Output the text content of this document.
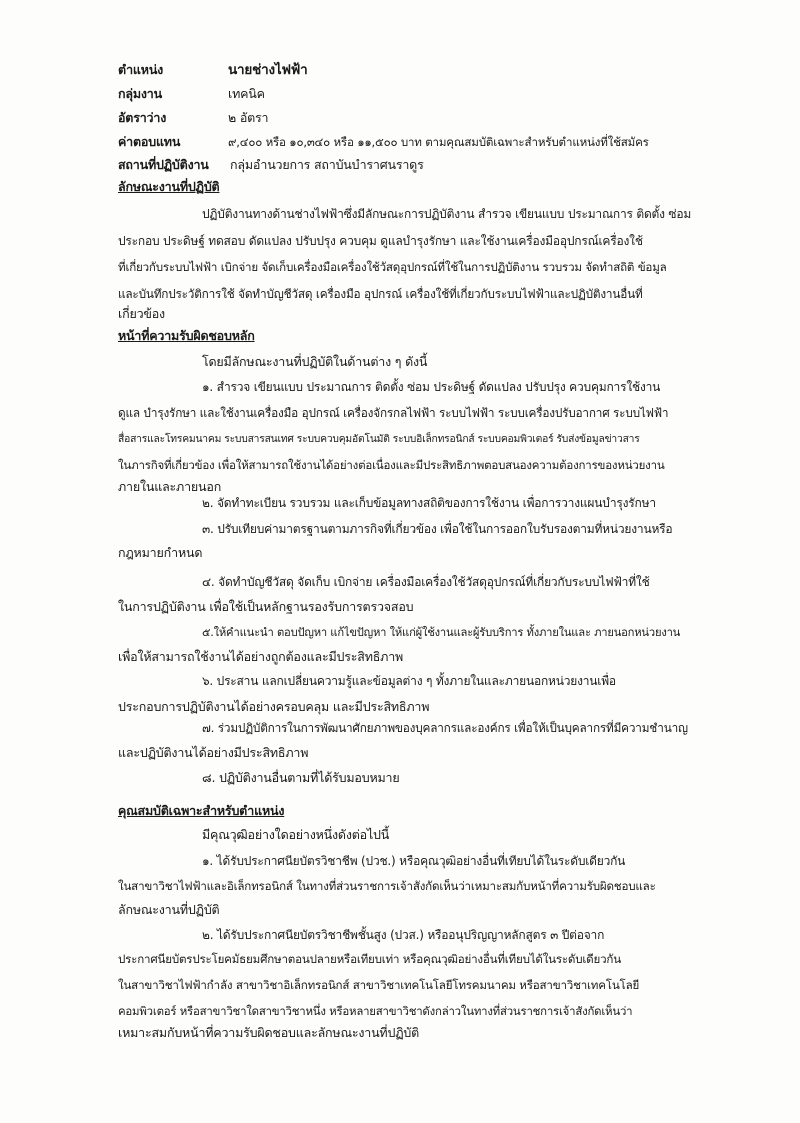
ตำแหน่ง	นายช่างไฟฟ้า
กลุ่มงาน	เทคนิค
อัตราว่าง	๒ อัตรา
ค่าตอบแทน	๙,๔๐๐ หรือ ๑๐,๓๔๐ หรือ ๑๑,๕๐๐ บาท ตามคุณสมบัติเฉพาะสำหรับตำแหน่งที่ใช้สมัคร
สถานที่ปฏิบัติงาน กลุ่มอำนวยการ สถาบันบำราศนราดูร
ลักษณะงานที่ปฏิบัติ
ปฏิบัติงานทางด้านช่างไฟฟ้าซึ่งมีลักษณะการปฏิบัติงาน สำรวจ เขียนแบบ ประมาณการ ติดตั้ง ซ่อม
ประกอบ ประดิษฐ์ ทดสอบ ดัดแปลง ปรับปรุง ควบคุม ดูแลบำรุงรักษา และใช้งานเครื่องมืออุปกรณ์เครื่องใช้
ที่เกี่ยวกับระบบไฟฟ้า เบิกจ่าย จัดเก็บเครื่องมือเครื่องใช้วัสดุอุปกรณ์ที่ใช้ในการปฏิบัติงาน รวบรวม จัดทำสถิติ ข้อมูล
และบันทึกประวัติการใช้ จัดทำบัญชีวัสดุ เครื่องมือ อุปกรณ์ เครื่องใช้ที่เกี่ยวกับระบบไฟฟ้าและปฏิบัติงานอื่นที่
เกี่ยวข้อง
หน้าที่ความรับผิดชอบหลัก
โดยมีลักษณะงานที่ปฏิบัติในด้านต่าง ๆ ดังนี้
๑. สำรวจ เขียนแบบ ประมาณการ ติดตั้ง ซ่อม ประดิษฐ์ ดัดแปลง ปรับปรุง ควบคุมการใช้งาน
ดูแล บำรุงรักษา และใช้งานเครื่องมือ อุปกรณ์ เครื่องจักรกลไฟฟ้า ระบบไฟฟ้า ระบบเครื่องปรับอากาศ ระบบไฟฟ้า
สื่อสารและโทรคมนาคม ระบบสารสนเทศ ระบบควบคุมอัตโนมัติ ระบบอิเล็กทรอนิกส์ ระบบคอมพิวเตอร์ รับส่งข้อมูลข่าวสาร
ในภารกิจที่เกี่ยวข้อง เพื่อให้สามารถใช้งานได้อย่างต่อเนื่องและมีประสิทธิภาพตอบสนองความต้องการของหน่วยงาน
ภายในและภายนอก
๒. จัดทำทะเบียน รวบรวม และเก็บข้อมูลทางสถิติของการใช้งาน เพื่อการวางแผนบำรุงรักษา
๓. ปรับเทียบค่ามาตรฐานตามภารกิจที่เกี่ยวข้อง เพื่อใช้ในการออกใบรับรองตามที่หน่วยงานหรือ
กฎหมายกำหนด
๔. จัดทำบัญชีวัสดุ จัดเก็บ เบิกจ่าย เครื่องมือเครื่องใช้วัสดุอุปกรณ์ที่เกี่ยวกับระบบไฟฟ้าที่ใช้
ในการปฏิบัติงาน เพื่อใช้เป็นหลักฐานรองรับการตรวจสอบ
๕.ให้คำแนะนำ ตอบปัญหา แก้ไขปัญหา ให้แก่ผู้ใช้งานและผู้รับบริการ ทั้งภายในและ ภายนอกหน่วยงาน
เพื่อให้สามารถใช้งานได้อย่างถูกต้องและมีประสิทธิภาพ
๖. ประสาน แลกเปลี่ยนความรู้และข้อมูลต่าง ๆ ทั้งภายในและภายนอกหน่วยงานเพื่อ
ประกอบการปฏิบัติงานได้อย่างครอบคลุม และมีประสิทธิภาพ
๗. ร่วมปฏิบัติการในการพัฒนาศักยภาพของบุคลากรและองค์กร เพื่อให้เป็นบุคลากรที่มีความชำนาญ
และปฏิบัติงานได้อย่างมีประสิทธิภาพ
๘. ปฏิบัติงานอื่นตามที่ได้รับมอบหมาย
คุณสมบัติเฉพาะสำหรับตำแหน่ง
มีคุณวุฒิอย่างใดอย่างหนึ่งดังต่อไปนี้
๑. ได้รับประกาศนียบัตรวิชาชีพ (ปวช.) หรือคุณวุฒิอย่างอื่นที่เทียบได้ในระดับเดียวกัน
ในสาขาวิชาไฟฟ้าและอิเล็กทรอนิกส์ ในทางที่ส่วนราชการเจ้าสังกัดเห็นว่าเหมาะสมกับหน้าที่ความรับผิดชอบและ
ลักษณะงานที่ปฏิบัติ
๒. ได้รับประกาศนียบัตรวิชาชีพชั้นสูง (ปวส.) หรืออนุปริญญาหลักสูตร ๓ ปีต่อจาก
ประกาศนียบัตรประโยคมัธยมศึกษาตอนปลายหรือเทียบเท่า หรือคุณวุฒิอย่างอื่นที่เทียบได้ในระดับเดียวกัน
ในสาขาวิชาไฟฟ้ากำลัง สาขาวิชาอิเล็กทรอนิกส์ สาขาวิชาเทคโนโลยีโทรคมนาคม หรือสาขาวิชาเทคโนโลยี
คอมพิวเตอร์ หรือสาขาวิชาใดสาขาวิชาหนึ่ง หรือหลายสาขาวิชาดังกล่าวในทางที่ส่วนราชการเจ้าสังกัดเห็นว่า
เหมาะสมกับหน้าที่ความรับผิดชอบและลักษณะงานที่ปฏิบัติ
